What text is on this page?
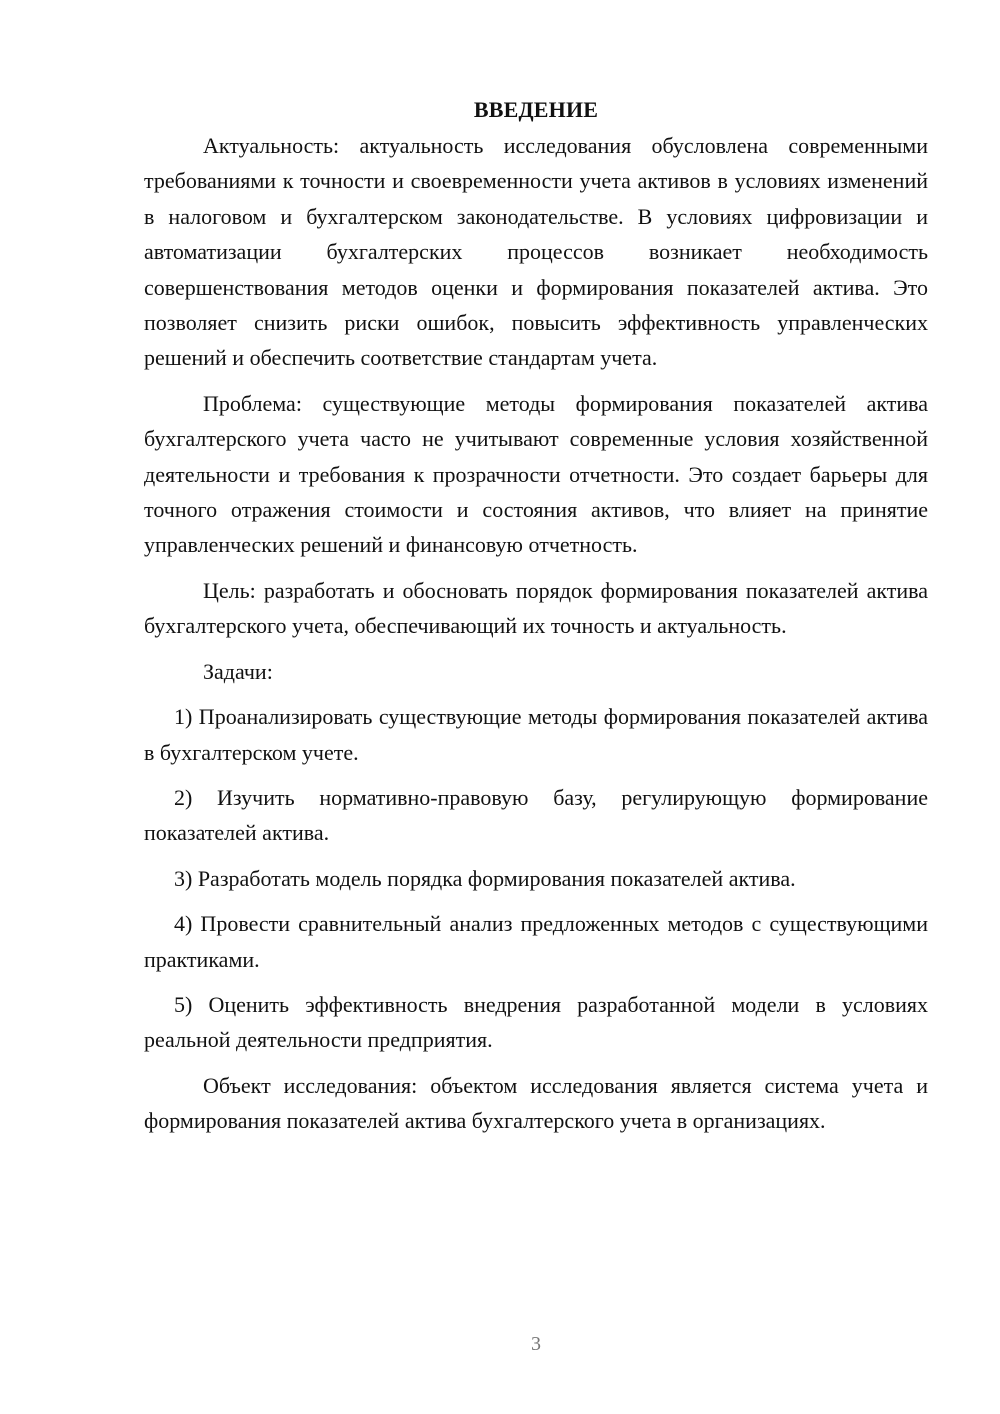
ВВЕДЕНИЕ

Актуальность: актуальность исследования обусловлена современными требованиями к точности и своевременности учета активов в условиях изменений в налоговом и бухгалтерском законодательстве. В условиях цифровизации и автоматизации бухгалтерских процессов возникает необходимость совершенствования методов оценки и формирования показателей актива. Это позволяет снизить риски ошибок, повысить эффективность управленческих решений и обеспечить соответствие стандартам учета.

Проблема: существующие методы формирования показателей актива бухгалтерского учета часто не учитывают современные условия хозяйственной деятельности и требования к прозрачности отчетности. Это создает барьеры для точного отражения стоимости и состояния активов, что влияет на принятие управленческих решений и финансовую отчетность.

Цель: разработать и обосновать порядок формирования показателей актива бухгалтерского учета, обеспечивающий их точность и актуальность.

Задачи:

1) Проанализировать существующие методы формирования показателей актива в бухгалтерском учете.

2) Изучить нормативно-правовую базу, регулирующую формирование показателей актива.

3) Разработать модель порядка формирования показателей актива.

4) Провести сравнительный анализ предложенных методов с существующими практиками.

5) Оценить эффективность внедрения разработанной модели в условиях реальной деятельности предприятия.

Объект исследования: объектом исследования является система учета и формирования показателей актива бухгалтерского учета в организациях.

3
